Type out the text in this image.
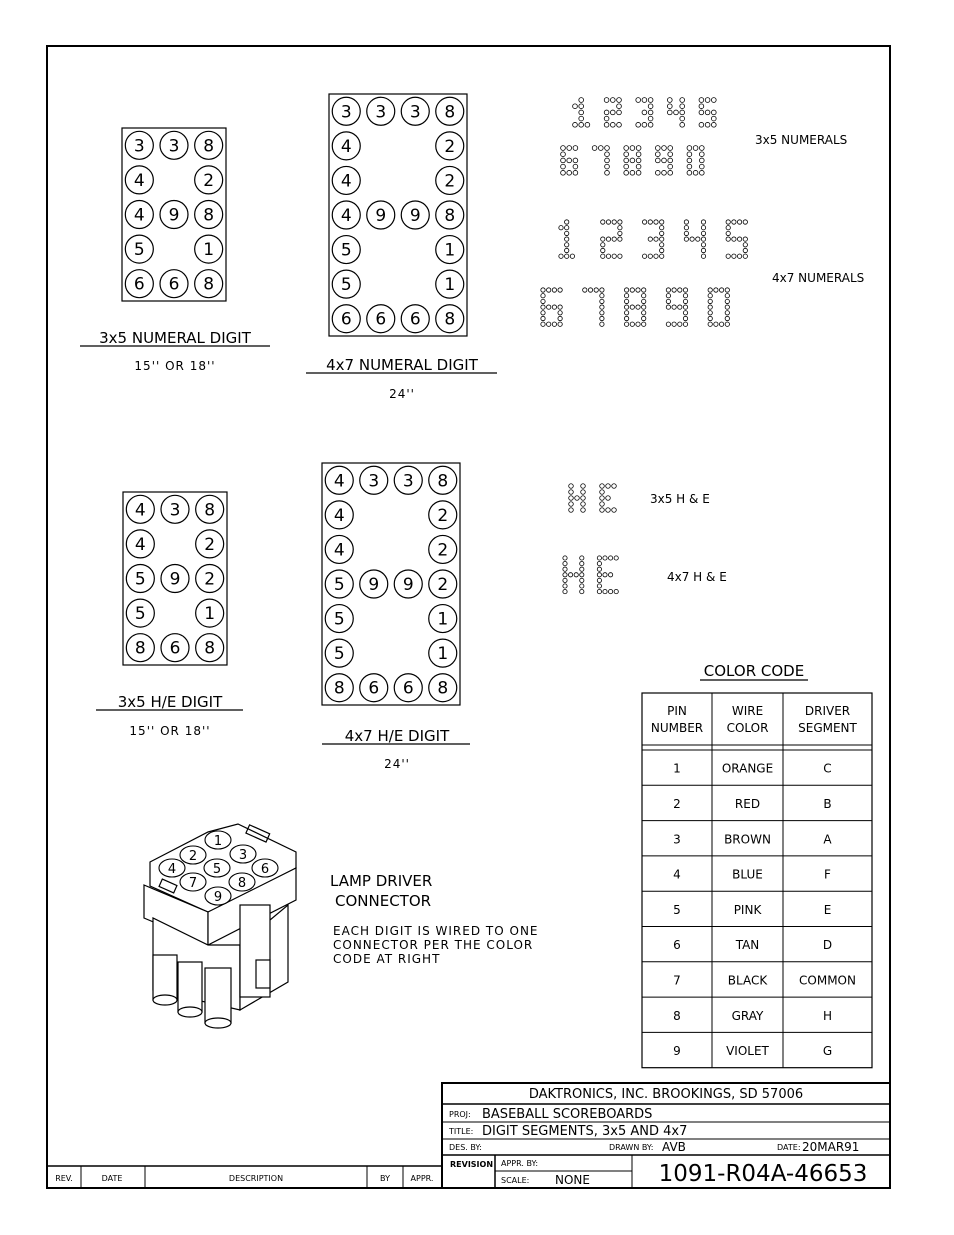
3 3 8
4	2
4 9 8
5	1
6 6 8
3x5 NUMERAL DIGIT
15'' OR 18''
3 3 3 8
4	2
4	2
4 9 9 8
5	1
5	1
6 6 6 8
4x7 NUMERAL DIGIT
24''
4 3 8
4	2
5 9 2
5	1
8 6 8
3x5 H/E DIGIT
15'' OR 18''
4 3 3 8
4	2
4	2
5 9 9 2
5	1
5	1
8 6 6 8
4x7 H/E DIGIT
24''
3x5 NUMERALS
4x7 NUMERALS
3x5 H & E
4x7 H & E
1
2	3
4	5	6
7	8
9
LAMP DRIVER
CONNECTOR
EACH DIGIT IS WIRED TO ONE
CONNECTOR PER THE COLOR
CODE AT RIGHT
COLOR CODE
PIN
NUMBER
WIRE
COLOR
DRIVER
SEGMENT
1	ORANGE	C
2	RED	B
3	BROWN	A
4	BLUE	F
5	PINK	E
6	TAN	D
7	BLACK	COMMON
8	GRAY	H
9	VIOLET	G
DAKTRONICS, INC. BROOKINGS, SD 57006
PROJ: BASEBALL SCOREBOARDS
TITLE: DIGIT SEGMENTS, 3x5 AND 4x7
DES. BY:	DRAWN BY: AVB	DATE: 20MAR91
REVISION APPR. BY:
SCALE: NONE	1091-R04A-46653
REV.	DATE	DESCRIPTION	BY	APPR.
